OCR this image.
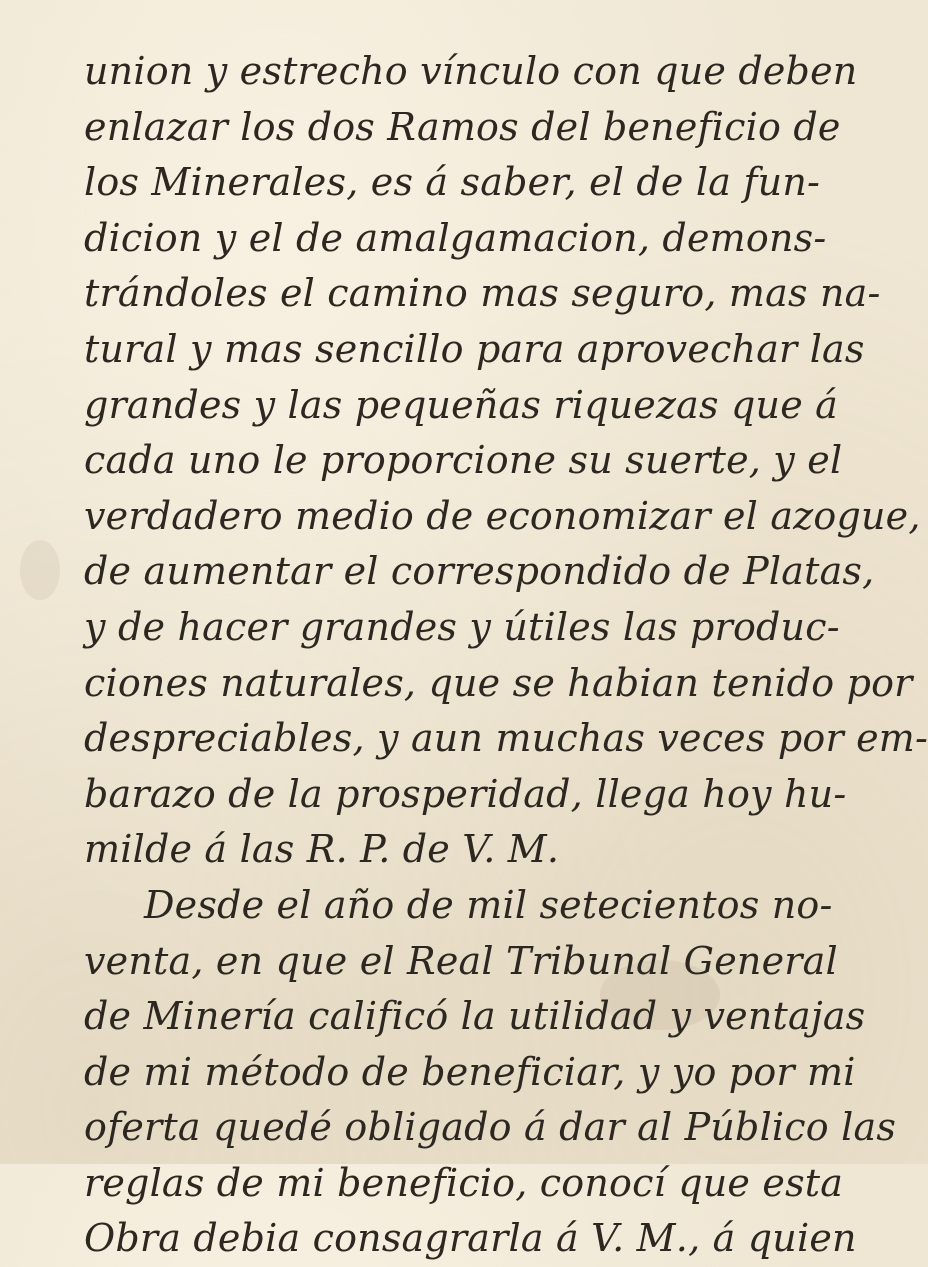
union y estrecho vínculo con que deben
enlazar los dos Ramos del beneficio de
los Minerales, es á saber, el de la fun-
dicion y el de amalgamacion, demons-
trándoles el camino mas seguro, mas na-
tural y mas sencillo para aprovechar las
grandes y las pequeñas riquezas que á
cada uno le proporcione su suerte, y el
verdadero medio de economizar el azogue,
de aumentar el correspondido de Platas,
y de hacer grandes y útiles las produc-
ciones naturales, que se habian tenido por
despreciables, y aun muchas veces por em-
barazo de la prosperidad, llega hoy hu-
milde á las R. P. de V. M.
Desde el año de mil setecientos no-
venta, en que el Real Tribunal General
de Minería calificó la utilidad y ventajas
de mi método de beneficiar, y yo por mi
oferta quedé obligado á dar al Público las
reglas de mi beneficio, conocí que esta
Obra debia consagrarla á V. M., á quien
